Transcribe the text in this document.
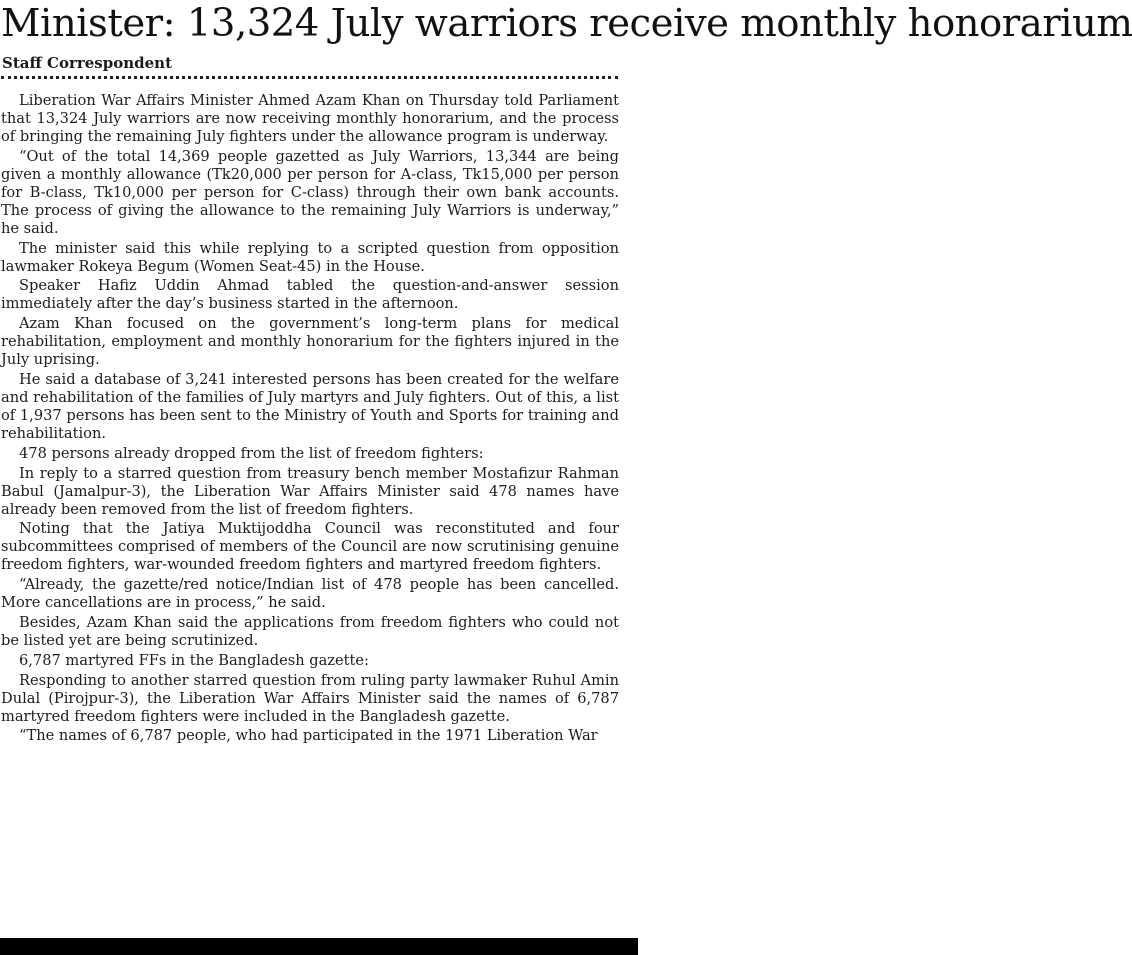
Minister: 13,324 July warriors receive monthly honorarium
Staff Correspondent

Liberation War Affairs Minister Ahmed Azam Khan on Thursday told Parliament that 13,324 July warriors are now receiving monthly honorarium, and the process of bringing the remaining July fighters under the allowance program is underway.

“Out of the total 14,369 people gazetted as July Warriors, 13,344 are being given a monthly allowance (Tk20,000 per person for A-class, Tk15,000 per person for B-class, Tk10,000 per person for C-class) through their own bank accounts. The process of giving the allowance to the remaining July Warriors is underway,” he said.

The minister said this while replying to a scripted question from opposition lawmaker Rokeya Begum (Women Seat-45) in the House.

Speaker Hafiz Uddin Ahmad tabled the question-and-answer session immediately after the day’s business started in the afternoon.

Azam Khan focused on the government’s long-term plans for medical rehabilitation, employment and monthly honorarium for the fighters injured in the July uprising.

He said a database of 3,241 interested persons has been created for the welfare and rehabilitation of the families of July martyrs and July fighters. Out of this, a list of 1,937 persons has been sent to the Ministry of Youth and Sports for training and rehabilitation.

478 persons already dropped from the list of freedom fighters:

In reply to a starred question from treasury bench member Mostafizur Rahman Babul (Jamalpur-3), the Liberation War Affairs Minister said 478 names have already been removed from the list of freedom fighters.

Noting that the Jatiya Muktijoddha Council was reconstituted and four subcommittees comprised of members of the Council are now scrutinising genuine freedom fighters, war-wounded freedom fighters and martyred freedom fighters.

“Already, the gazette/red notice/Indian list of 478 people has been cancelled. More cancellations are in process,” he said.

Besides, Azam Khan said the applications from freedom fighters who could not be listed yet are being scrutinized.

6,787 martyred FFs in the Bangladesh gazette:

Responding to another starred question from ruling party lawmaker Ruhul Amin Dulal (Pirojpur-3), the Liberation War Affairs Minister said the names of 6,787 martyred freedom fighters were included in the Bangladesh gazette.

“The names of 6,787 people, who had participated in the 1971 Liberation War
